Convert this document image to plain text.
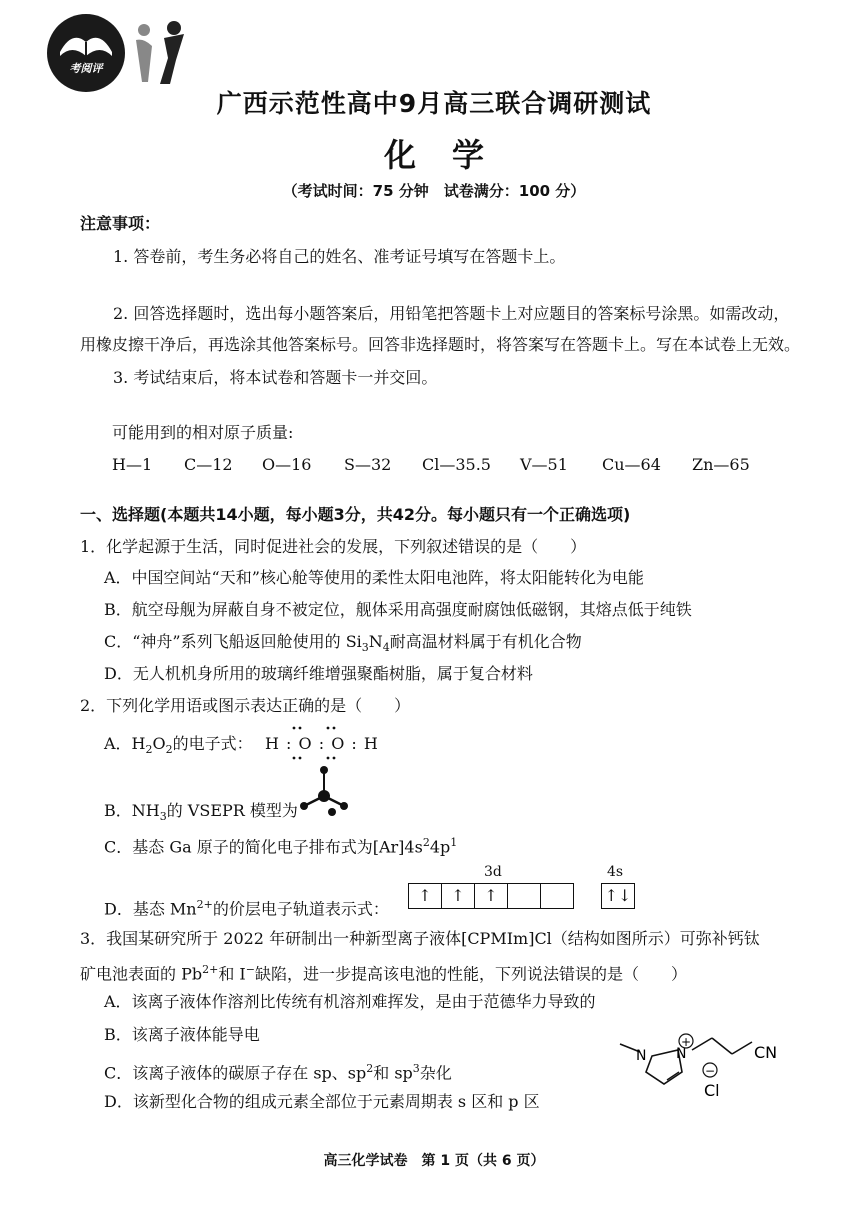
考阅评
广西示范性高中9月高三联合调研测试
化学
（考试时间：75 分钟　试卷满分：100 分）
注意事项：
1. 答卷前，考生务必将自己的姓名、准考证号填写在答题卡上。
2. 回答选择题时，选出每小题答案后，用铅笔把答题卡上对应题目的答案标号涂黑。如需改动，用橡皮擦干净后，再选涂其他答案标号。回答非选择题时，将答案写在答题卡上。写在本试卷上无效。
3. 考试结束后，将本试卷和答题卡一并交回。
可能用到的相对原子质量:
H—1 C—12 O—16 S—32 Cl—35.5 V—51 Cu—64 Zn—65
一、选择题(本题共14小题，每小题3分，共42分。每小题只有一个正确选项)
1．化学起源于生活，同时促进社会的发展，下列叙述错误的是（　　）
A．中国空间站“天和”核心舱等使用的柔性太阳电池阵，将太阳能转化为电能
B．航空母舰为屏蔽自身不被定位，舰体采用高强度耐腐蚀低磁钢，其熔点低于纯铁
C．“神舟”系列飞船返回舱使用的 $Si_3N_4$耐高温材料属于有机化合物
D．无人机机身所用的玻璃纤维增强聚酯树脂，属于复合材料
2．下列化学用语或图示表达正确的是（　　）
A．$H_2O_2$的电子式： H : O : O : H
B．$NH_3$的 VSEPR 模型为
C．基态 Ga 原子的简化电子排布式为$[Ar]4s^24p^1$
D．基态 $Mn^{2+}$的价层电子轨道表示式：
3d	4s
↑	↑	↑	↑↓
3．我国某研究所于 2022 年研制出一种新型离子液体[CPMIm]Cl（结构如图所示）可弥补钙钛
矿电池表面的 $Pb^{2+}$和 I−缺陷，进一步提高该电池的性能，下列说法错误的是（　　）
A．该离子液体作溶剂比传统有机溶剂难挥发，是由于范德华力导致的
B．该离子液体能导电
C．该离子液体的碳原子存在 sp、$sp^2$和 $sp^3$杂化
D．该新型化合物的组成元素全部位于元素周期表 s 区和 p 区
N N
+
CN
−
Cl
高三化学试卷　第 1 页（共 6 页）
